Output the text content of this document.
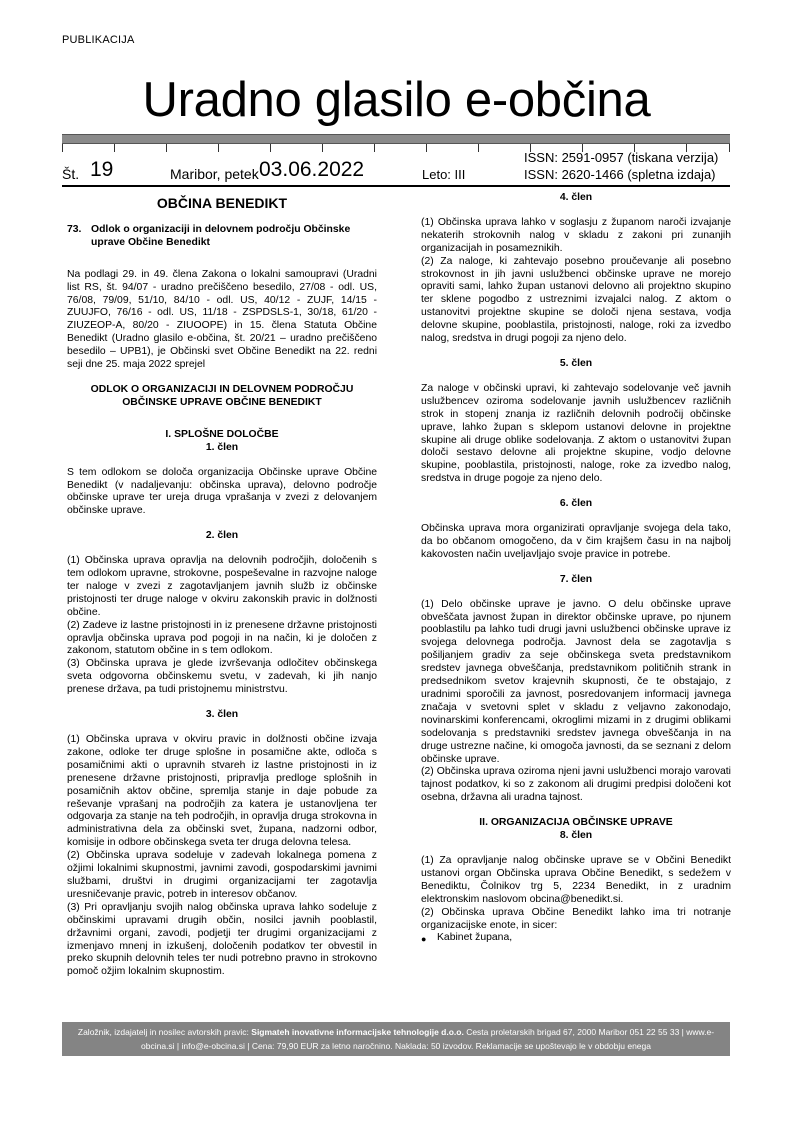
PUBLIKACIJA
Uradno glasilo e-občina
Št. 19	Maribor, petek 03.06.2022	Leto: III
ISSN: 2591-0957 (tiskana verzija)
ISSN: 2620-1466 (spletna izdaja)
OBČINA BENEDIKT
73. Odlok o organizaciji in delovnem področju Občinske uprave Občine Benedikt

Na podlagi 29. in 49. člena Zakona o lokalni samoupravi (Uradni list RS, št. 94/07 - uradno prečiščeno besedilo, 27/08 - odl. US, 76/08, 79/09, 51/10, 84/10 - odl. US, 40/12 - ZUJF, 14/15 - ZUUJFO, 76/16 - odl. US, 11/18 - ZSPDSLS-1, 30/18, 61/20 - ZIUZEOP-A, 80/20 - ZIUOOPE) in 15. člena Statuta Občine Benedikt (Uradno glasilo e-občina, št. 20/21 – uradno prečiščeno besedilo – UPB1), je Občinski svet Občine Benedikt na 22. redni seji dne 25. maja 2022 sprejel

ODLOK O ORGANIZACIJI IN DELOVNEM PODROČJU OBČINSKE UPRAVE OBČINE BENEDIKT

I. SPLOŠNE DOLOČBE

1. člen

S tem odlokom se določa organizacija Občinske uprave Občine Benedikt (v nadaljevanju: občinska uprava), delovno področje občinske uprave ter ureja druga vprašanja v zvezi z delovanjem občinske uprave.

2. člen

(1) Občinska uprava opravlja na delovnih področjih, določenih s tem odlokom upravne, strokovne, pospeševalne in razvojne naloge ter naloge v zvezi z zagotavljanjem javnih služb iz občinske pristojnosti ter druge naloge v okviru zakonskih pravic in dolžnosti občine.

(2) Zadeve iz lastne pristojnosti in iz prenesene državne pristojnosti opravlja občinska uprava pod pogoji in na način, ki je določen z zakonom, statutom občine in s tem odlokom.

(3) Občinska uprava je glede izvrševanja odločitev občinskega sveta odgovorna občinskemu svetu, v zadevah, ki jih nanjo prenese država, pa tudi pristojnemu ministrstvu.

3. člen

(1) Občinska uprava v okviru pravic in dolžnosti občine izvaja zakone, odloke ter druge splošne in posamične akte, odloča s posamičnimi akti o upravnih stvareh iz lastne pristojnosti in iz prenesene državne pristojnosti, pripravlja predloge splošnih in posamičnih aktov občine, spremlja stanje in daje pobude za reševanje vprašanj na področjih za katera je ustanovljena ter odgovarja za stanje na teh področjih, in opravlja druga strokovna in administrativna dela za občinski svet, župana, nadzorni odbor, komisije in odbore občinskega sveta ter druga delovna telesa.

(2) Občinska uprava sodeluje v zadevah lokalnega pomena z ožjimi lokalnimi skupnostmi, javnimi zavodi, gospodarskimi javnimi službami, društvi in drugimi organizacijami ter zagotavlja uresničevanje pravic, potreb in interesov občanov.

(3) Pri opravljanju svojih nalog občinska uprava lahko sodeluje z občinskimi upravami drugih občin, nosilci javnih pooblastil, državnimi organi, zavodi, podjetji ter drugimi organizacijami z izmenjavo mnenj in izkušenj, določenih podatkov ter obvestil in preko skupnih delovnih teles ter nudi potrebno pravno in strokovno pomoč ožjim lokalnim skupnostim.

4. člen

(1) Občinska uprava lahko v soglasju z županom naroči izvajanje nekaterih strokovnih nalog v skladu z zakoni pri zunanjih organizacijah in posameznikih.

(2) Za naloge, ki zahtevajo posebno proučevanje ali posebno strokovnost in jih javni uslužbenci občinske uprave ne morejo opraviti sami, lahko župan ustanovi delovno ali projektno skupino ter sklene pogodbo z ustreznimi izvajalci nalog. Z aktom o ustanovitvi projektne skupine se določi njena sestava, vodja delovne skupine, pooblastila, pristojnosti, naloge, roki za izvedbo nalog, sredstva in drugi pogoji za njeno delo.

5. člen

Za naloge v občinski upravi, ki zahtevajo sodelovanje več javnih uslužbencev oziroma sodelovanje javnih uslužbencev različnih strok in stopenj znanja iz različnih delovnih področij občinske uprave, lahko župan s sklepom ustanovi delovne in projektne skupine ali druge oblike sodelovanja. Z aktom o ustanovitvi župan določi sestavo delovne ali projektne skupine, vodjo delovne skupine, pooblastila, pristojnosti, naloge, roke za izvedbo nalog, sredstva in druge pogoje za njeno delo.

6. člen

Občinska uprava mora organizirati opravljanje svojega dela tako, da bo občanom omogočeno, da v čim krajšem času in na najbolj kakovosten način uveljavljajo svoje pravice in potrebe.

7. člen

(1) Delo občinske uprave je javno. O delu občinske uprave obveščata javnost župan in direktor občinske uprave, po njunem pooblastilu pa lahko tudi drugi javni uslužbenci občinske uprave iz svojega delovnega področja. Javnost dela se zagotavlja s pošiljanjem gradiv za seje občinskega sveta predstavnikom sredstev javnega obveščanja, predstavnikom političnih strank in predsednikom svetov krajevnih skupnosti, če te obstajajo, z uradnimi sporočili za javnost, posredovanjem informacij javnega značaja v svetovni splet v skladu z veljavno zakonodajo, novinarskimi konferencami, okroglimi mizami in z drugimi oblikami sodelovanja s predstavniki sredstev javnega obveščanja in na druge ustrezne načine, ki omogoča javnosti, da se seznani z delom občinske uprave.

(2) Občinska uprava oziroma njeni javni uslužbenci morajo varovati tajnost podatkov, ki so z zakonom ali drugimi predpisi določeni kot osebna, državna ali uradna tajnost.

II. ORGANIZACIJA OBČINSKE UPRAVE

8. člen

(1) Za opravljanje nalog občinske uprave se v Občini Benedikt ustanovi organ Občinska uprava Občine Benedikt, s sedežem v Benediktu, Čolnikov trg 5, 2234 Benedikt, in z uradnim elektronskim naslovom obcina@benedikt.si.

(2) Občinska uprava Občine Benedikt lahko ima tri notranje organizacijske enote, in sicer:

●	Kabinet župana,
Založnik, izdajatelj in nosilec avtorskih pravic: Sigmateh inovativne informacijske tehnologije d.o.o. Cesta proletarskih brigad 67, 2000 Maribor 051 22 55 33 | www.e-obcina.si | info@e-obcina.si | Cena: 79,90 EUR za letno naročnino. Naklada: 50 izvodov. Reklamacije se upoštevajo le v obdobju enega
